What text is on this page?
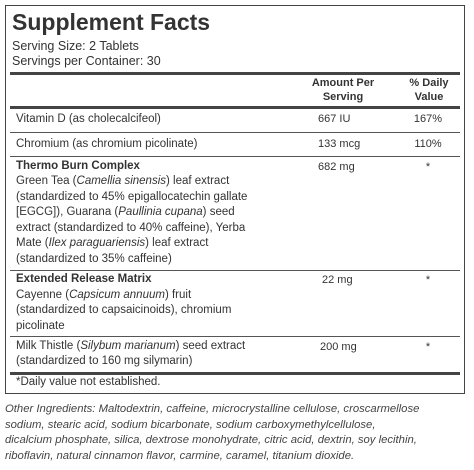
Supplement Facts
Serving Size: 2 Tablets
Servings per Container: 30
Amount Per
Serving
% Daily
Value
Vitamin D (as cholecalcifeol)	667 IU	167%
Chromium (as chromium picolinate)	133 mcg	110%
Thermo Burn Complex	682 mg	*
Green Tea (Camellia sinensis) leaf extract
(standardized to 45% epigallocatechin gallate
[EGCG]), Guarana (Paullinia cupana) seed
extract (standardized to 40% caffeine), Yerba
Mate (Ilex paraguariensis) leaf extract
(standardized to 35% caffeine)
Extended Release Matrix	22 mg	*
Cayenne (Capsicum annuum) fruit
(standardized to capsaicinoids), chromium
picolinate
Milk Thistle (Silybum marianum) seed extract	200 mg	*
(standardized to 160 mg silymarin)
*Daily value not established.
Other Ingredients: Maltodextrin, caffeine, microcrystalline cellulose, croscarmellose
sodium, stearic acid, sodium bicarbonate, sodium carboxymethylcellulose,
dicalcium phosphate, silica, dextrose monohydrate, citric acid, dextrin, soy lecithin,
riboflavin, natural cinnamon flavor, carmine, caramel, titanium dioxide.
